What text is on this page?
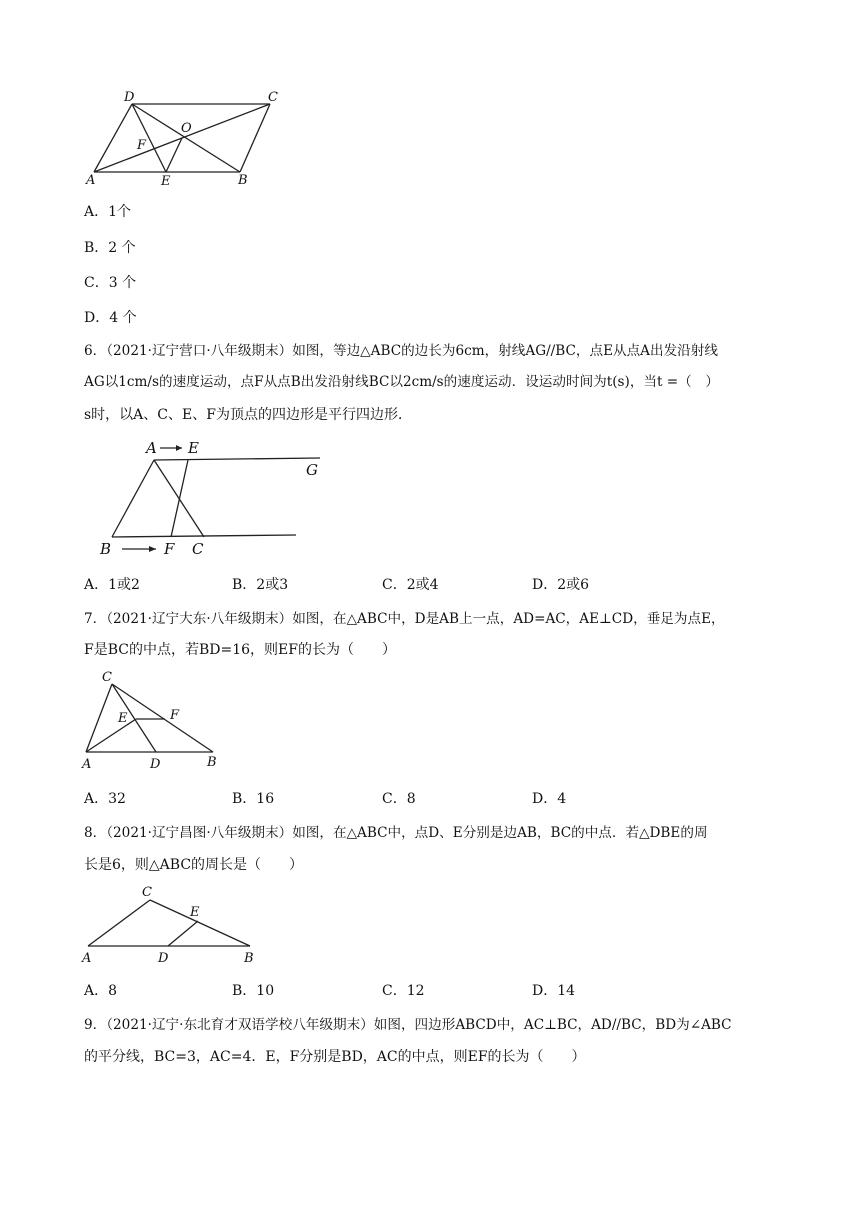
D	C
O
F
A	E	B
A．1个
B．2 个
C．3 个
D．4 个
6．（2021·辽宁营口·八年级期末）如图，等边△ABC的边长为6cm，射线AG//BC，点E从点A出发沿射线
AG以1cm/s的速度运动，点F从点B出发沿射线BC以2cm/s的速度运动．设运动时间为t(s)，当t =（　）
s时，以A、C、E、F为顶点的四边形是平行四边形．
A E
G
B	F C
A．1或2	B．2或3	C．2或4	D．2或6
7．（2021·辽宁大东·八年级期末）如图，在△ABC中，D是AB上一点，AD=AC，AE⊥CD，垂足为点E，
F是BC的中点，若BD=16，则EF的长为（　　）
C
E	F
A	D	B
A．32	B．16	C．8	D．4
8．（2021·辽宁昌图·八年级期末）如图，在△ABC中，点D、E分别是边AB，BC的中点．若△DBE的周
长是6，则△ABC的周长是（　　）
C
E
A	D	B
A．8	B．10	C．12	D．14
9．（2021·辽宁·东北育才双语学校八年级期末）如图，四边形ABCD中，AC⊥BC，AD//BC，BD为∠ABC
的平分线，BC=3，AC=4．E，F分别是BD，AC的中点，则EF的长为（　　）
